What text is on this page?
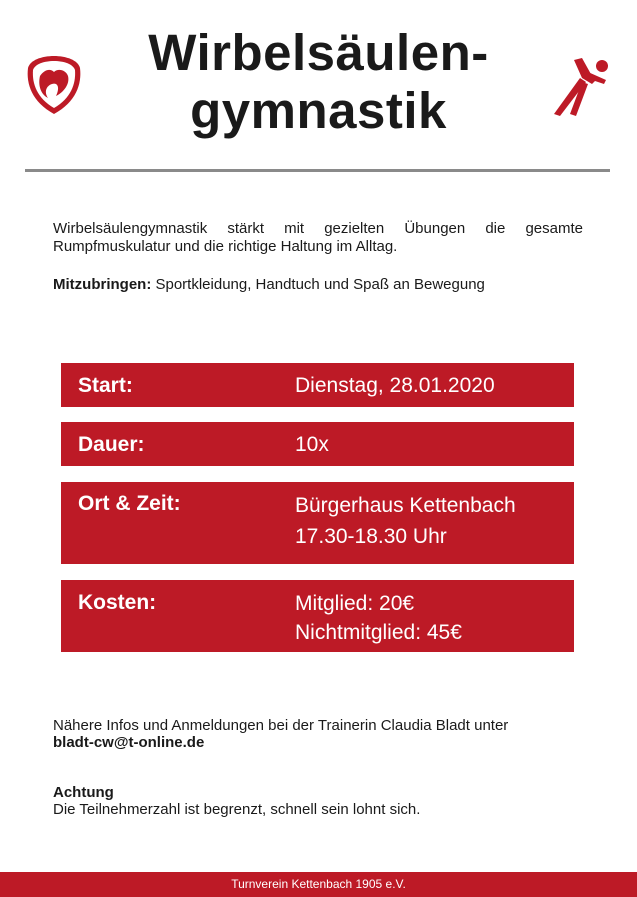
Wirbelsäulen-
gymnastik
Wirbelsäulengymnastik stärkt mit gezielten Übungen die gesamte Rumpfmuskulatur und die richtige Haltung im Alltag.
Mitzubringen: Sportkleidung, Handtuch und Spaß an Bewegung
Start:	Dienstag, 28.01.2020
Dauer:	10x
Ort & Zeit:	Bürgerhaus Kettenbach
17.30-18.30 Uhr
Kosten:	Mitglied: 20€
Nichtmitglied: 45€
Nähere Infos und Anmeldungen bei der Trainerin Claudia Bladt unter
bladt-cw@t-online.de
Achtung
Die Teilnehmerzahl ist begrenzt, schnell sein lohnt sich.
Turnverein Kettenbach 1905 e.V.
